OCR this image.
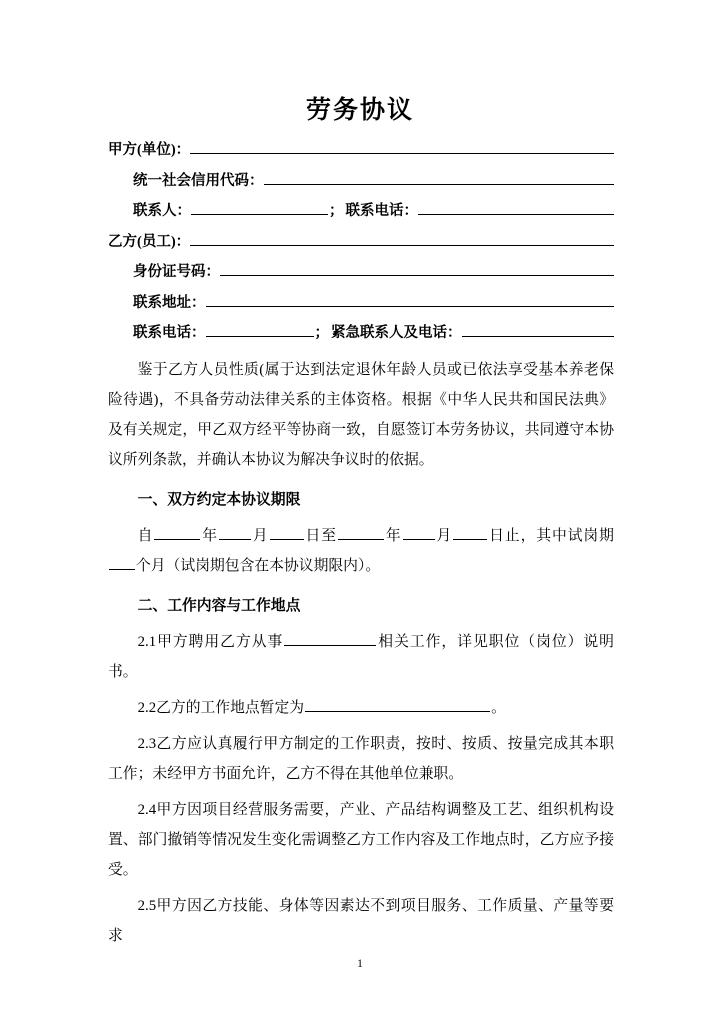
劳务协议
甲方(单位)：
统一社会信用代码：
联系人：	； 联系电话：
乙方(员工)：
身份证号码：
联系地址：
联系电话：	； 紧急联系人及电话：

鉴于乙方人员性质(属于达到法定退休年龄人员或已依法享受基本养老保险待遇)，不具备劳动法律关系的主体资格。根据《中华人民共和国民法典》及有关规定，甲乙双方经平等协商一致，自愿签订本劳务协议，共同遵守本协议所列条款，并确认本协议为解决争议时的依据。

一、双方约定本协议期限

自	年 月 日至	年 月 日止，其中试岗期个月（试岗期包含在本协议期限内）。

二、工作内容与工作地点

2.1甲方聘用乙方从事	相关工作，详见职位（岗位）说明书。

2.2乙方的工作地点暂定为	。

2.3乙方应认真履行甲方制定的工作职责，按时、按质、按量完成其本职工作；未经甲方书面允许，乙方不得在其他单位兼职。

2.4甲方因项目经营服务需要，产业、产品结构调整及工艺、组织机构设置、部门撤销等情况发生变化需调整乙方工作内容及工作地点时，乙方应予接受。

2.5甲方因乙方技能、身体等因素达不到项目服务、工作质量、产量等要求

1
